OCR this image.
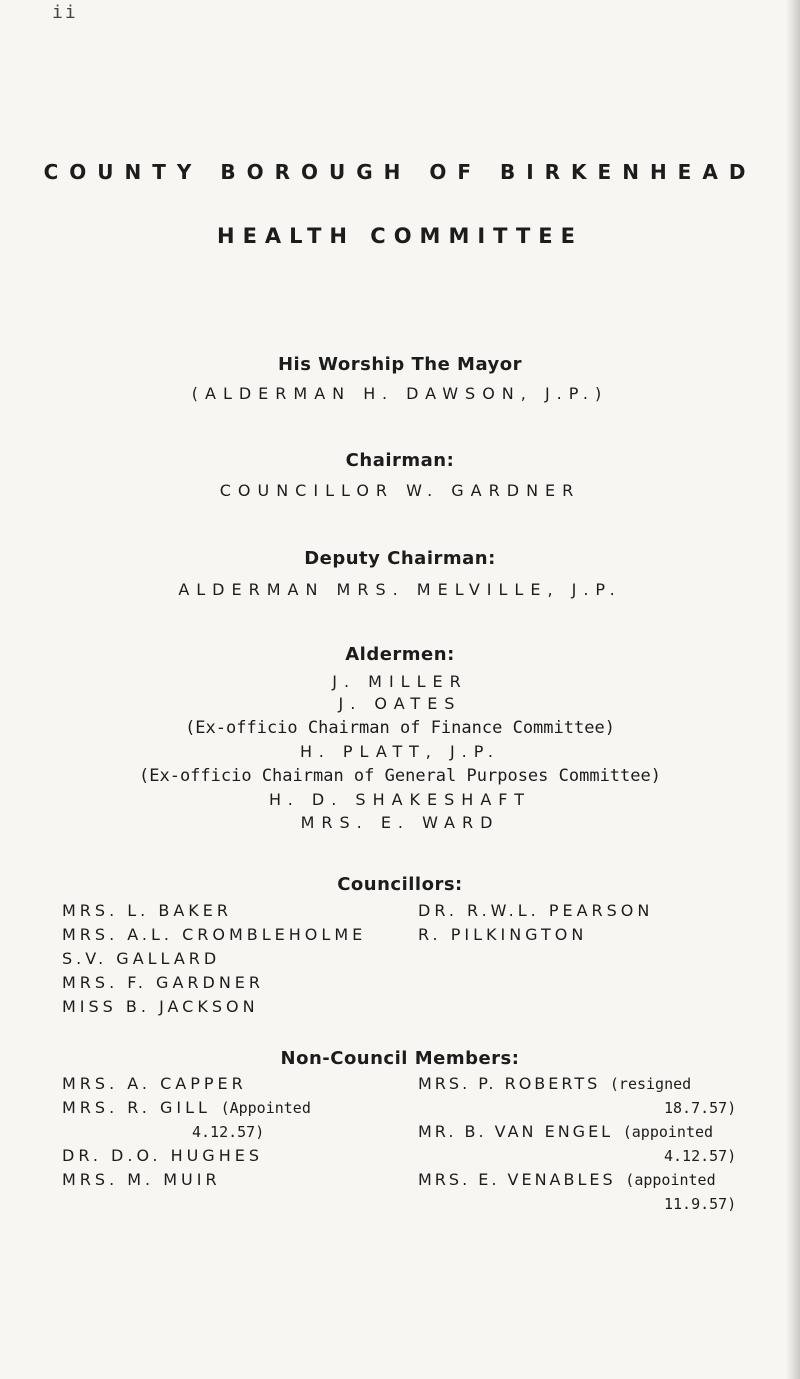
ii
COUNTY BOROUGH OF BIRKENHEAD
HEALTH COMMITTEE
His Worship The Mayor
(ALDERMAN H. DAWSON, J.P.)
Chairman:
COUNCILLOR W. GARDNER
Deputy Chairman:
ALDERMAN MRS. MELVILLE, J.P.
Aldermen:
J. MILLER
J. OATES
(Ex-officio Chairman of Finance Committee)
H. PLATT, J.P.
(Ex-officio Chairman of General Purposes Committee)
H. D. SHAKESHAFT
MRS. E. WARD
Councillors:
MRS. L. BAKER
MRS. A.L. CROMBLEHOLME
S.V. GALLARD
MRS. F. GARDNER
MISS B. JACKSON
DR. R.W.L. PEARSON
R. PILKINGTON
Non-Council Members:
MRS. A. CAPPER
MRS. R. GILL (Appointed
4.12.57)
DR. D.O. HUGHES
MRS. M. MUIR
MRS. P. ROBERTS (resigned
18.7.57)
MR. B. VAN ENGEL (appointed
4.12.57)
MRS. E. VENABLES (appointed
11.9.57)
